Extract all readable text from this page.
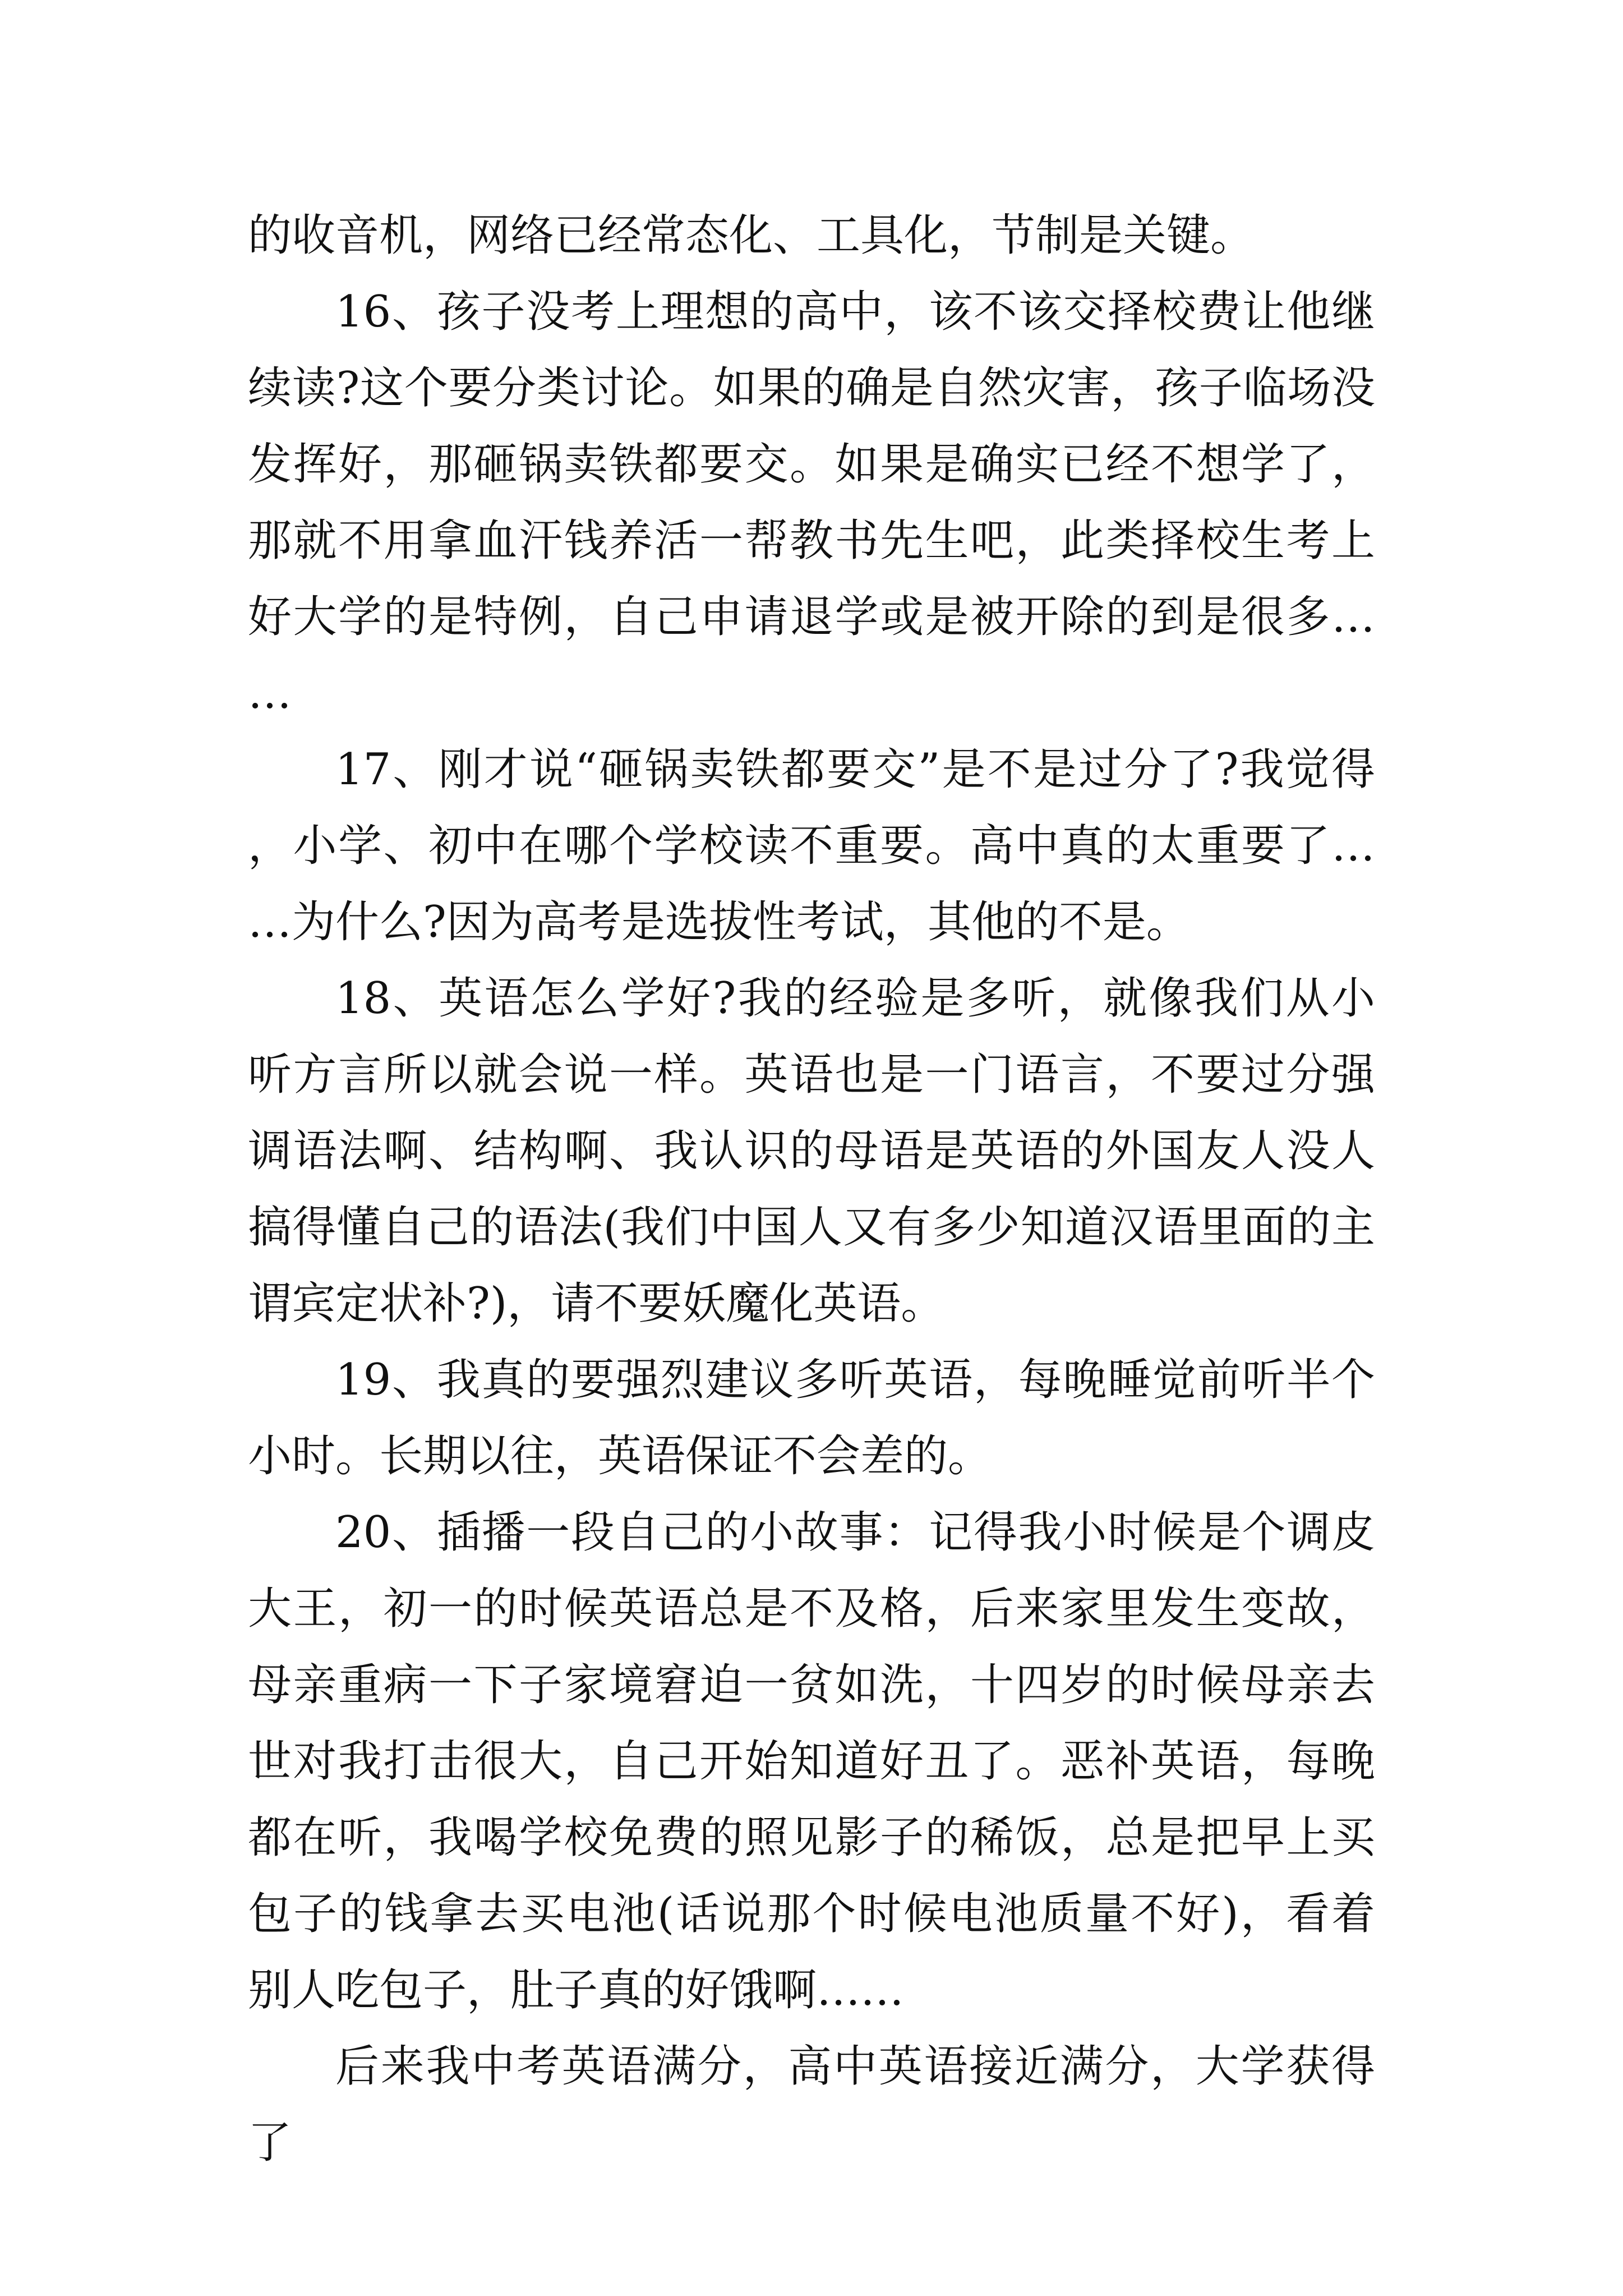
的收音机，网络已经常态化、工具化，节制是关键。

16、孩子没考上理想的高中，该不该交择校费让他继续读?这个要分类讨论。如果的确是自然灾害，孩子临场没发挥好，那砸锅卖铁都要交。如果是确实已经不想学了，那就不用拿血汗钱养活一帮教书先生吧，此类择校生考上好大学的是特例，自己申请退学或是被开除的到是很多……

17、刚才说“砸锅卖铁都要交”是不是过分了?我觉得，小学、初中在哪个学校读不重要。高中真的太重要了……为什么?因为高考是选拔性考试，其他的不是。

18、英语怎么学好?我的经验是多听，就像我们从小听方言所以就会说一样。英语也是一门语言，不要过分强调语法啊、结构啊、我认识的母语是英语的外国友人没人搞得懂自己的语法(我们中国人又有多少知道汉语里面的主谓宾定状补?)，请不要妖魔化英语。

19、我真的要强烈建议多听英语，每晚睡觉前听半个小时。长期以往，英语保证不会差的。

20、插播一段自己的小故事：记得我小时候是个调皮大王，初一的时候英语总是不及格，后来家里发生变故，母亲重病一下子家境窘迫一贫如洗，十四岁的时候母亲去世对我打击很大，自己开始知道好丑了。恶补英语，每晚都在听，我喝学校免费的照见影子的稀饭，总是把早上买包子的钱拿去买电池(话说那个时候电池质量不好)，看着别人吃包子，肚子真的好饿啊……

后来我中考英语满分，高中英语接近满分，大学获得了
